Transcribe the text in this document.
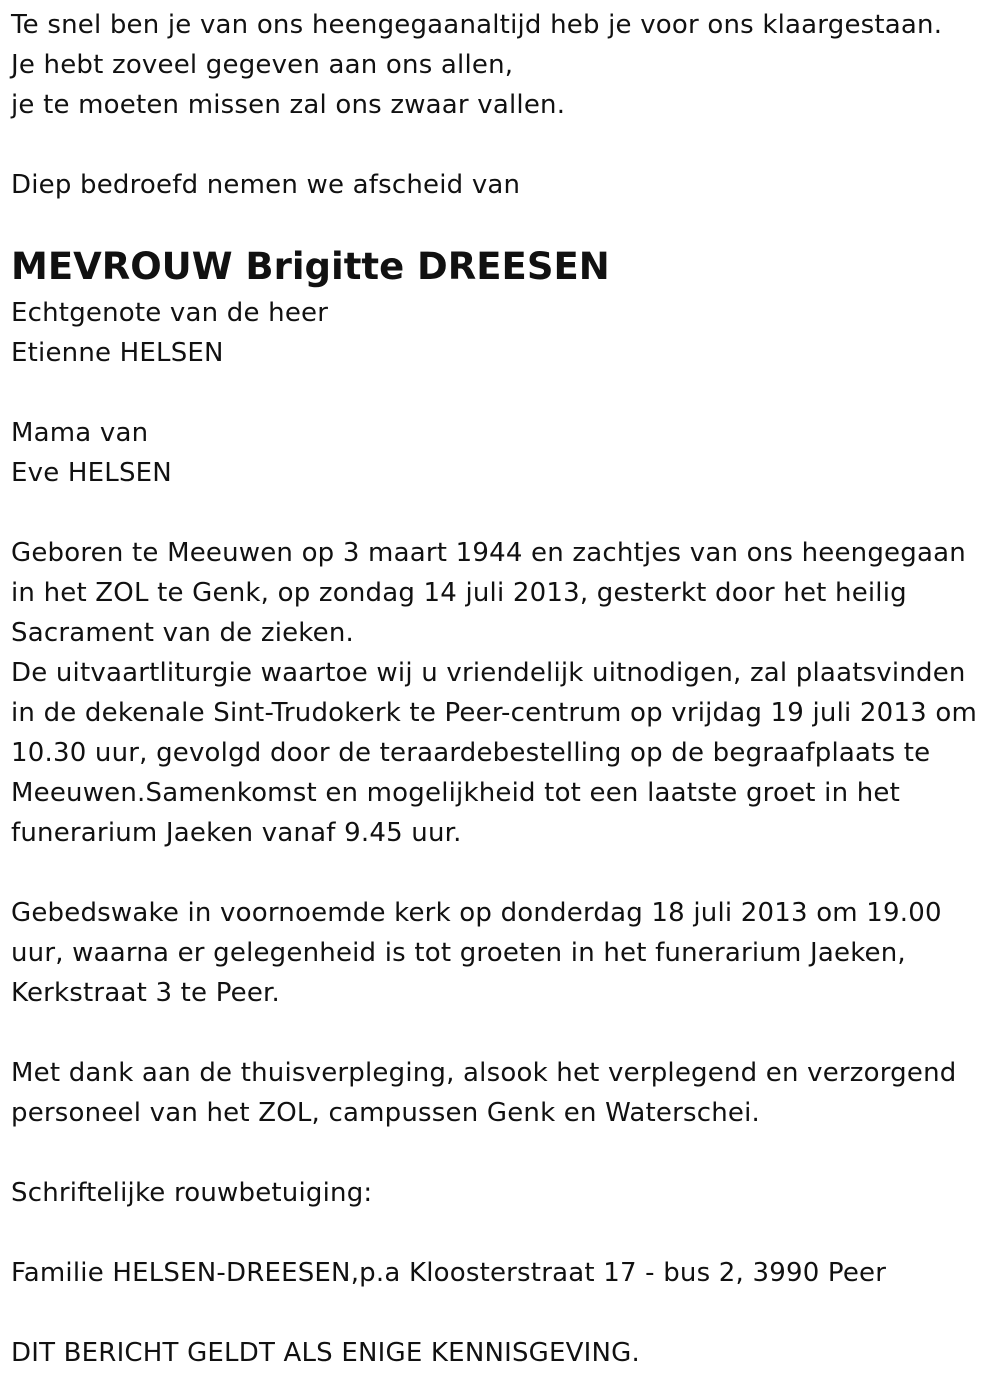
Te snel ben je van ons heengegaanaltijd heb je voor ons klaargestaan.
Je hebt zoveel gegeven aan ons allen,
je te moeten missen zal ons zwaar vallen.
Diep bedroefd nemen we afscheid van
MEVROUW Brigitte DREESEN
Echtgenote van de heer
Etienne HELSEN
Mama van
Eve HELSEN
Geboren te Meeuwen op 3 maart 1944 en zachtjes van ons heengegaan
in het ZOL te Genk, op zondag 14 juli 2013, gesterkt door het heilig
Sacrament van de zieken.
De uitvaartliturgie waartoe wij u vriendelijk uitnodigen, zal plaatsvinden
in de dekenale Sint-Trudokerk te Peer-centrum op vrijdag 19 juli 2013 om
10.30 uur, gevolgd door de teraardebestelling op de begraafplaats te
Meeuwen.Samenkomst en mogelijkheid tot een laatste groet in het
funerarium Jaeken vanaf 9.45 uur.
Gebedswake in voornoemde kerk op donderdag 18 juli 2013 om 19.00
uur, waarna er gelegenheid is tot groeten in het funerarium Jaeken,
Kerkstraat 3 te Peer.
Met dank aan de thuisverpleging, alsook het verplegend en verzorgend
personeel van het ZOL, campussen Genk en Waterschei.
Schriftelijke rouwbetuiging:
Familie HELSEN-DREESEN,p.a Kloosterstraat 17 - bus 2, 3990 Peer
DIT BERICHT GELDT ALS ENIGE KENNISGEVING.
